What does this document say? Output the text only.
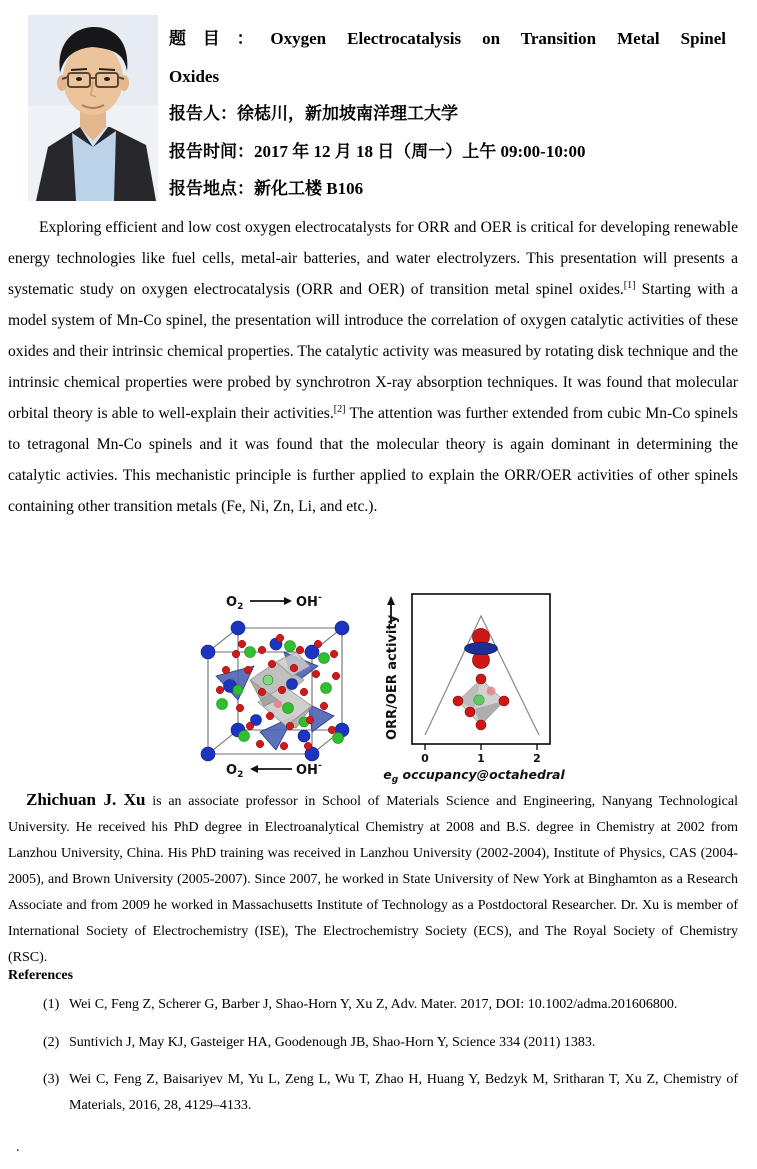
题目：Oxygen Electrocatalysis on Transition Metal Spinel
Oxides
报告人：徐梽川，新加坡南洋理工大学
报告时间：2017 年 12 月 18 日（周一）上午 09:00-10:00
报告地点：新化工楼 B106

Exploring efficient and low cost oxygen electrocatalysts for ORR and OER is critical for developing renewable energy technologies like fuel cells, metal-air batteries, and water electrolyzers. This presentation will presents a systematic study on oxygen electrocatalysis (ORR and OER) of transition metal spinel oxides.[1] Starting with a model system of Mn-Co spinel, the presentation will introduce the correlation of oxygen catalytic activities of these oxides and their intrinsic chemical properties. The catalytic activity was measured by rotating disk technique and the intrinsic chemical properties were probed by synchrotron X-ray absorption techniques. It was found that molecular orbital theory is able to well-explain their activities.[2] The attention was further extended from cubic Mn-Co spinels to tetragonal Mn-Co spinels and it was found that the molecular theory is again dominant in determining the catalytic activies. This mechanistic principle is further applied to explain the ORR/OER activities of other spinels containing other transition metals (Fe, Ni, Zn, Li, and etc.).

$O_2$	OH-
$O_2$	OH-
ORR/OER activity
0	1	2
$e_g$ occupancy@octahedral

Zhichuan J. Xu is an associate professor in School of Materials Science and Engineering, Nanyang Technological University. He received his PhD degree in Electroanalytical Chemistry at 2008 and B.S. degree in Chemistry at 2002 from Lanzhou University, China. His PhD training was received in Lanzhou University (2002-2004), Institute of Physics, CAS (2004-2005), and Brown University (2005-2007). Since 2007, he worked in State University of New York at Binghamton as a Research Associate and from 2009 he worked in Massachusetts Institute of Technology as a Postdoctoral Researcher. Dr. Xu is member of International Society of Electrochemistry (ISE), The Electrochemistry Society (ECS), and The Royal Society of Chemistry (RSC).

References
(1) Wei C, Feng Z, Scherer G, Barber J, Shao-Horn Y, Xu Z, Adv. Mater. 2017, DOI: 10.1002/adma.201606800.
(2) Suntivich J, May KJ, Gasteiger HA, Goodenough JB, Shao-Horn Y, Science 334 (2011) 1383.
(3) Wei C, Feng Z, Baisariyev M, Yu L, Zeng L, Wu T, Zhao H, Huang Y, Bedzyk M, Sritharan T, Xu Z, Chemistry of Materials, 2016, 28, 4129–4133.
.
